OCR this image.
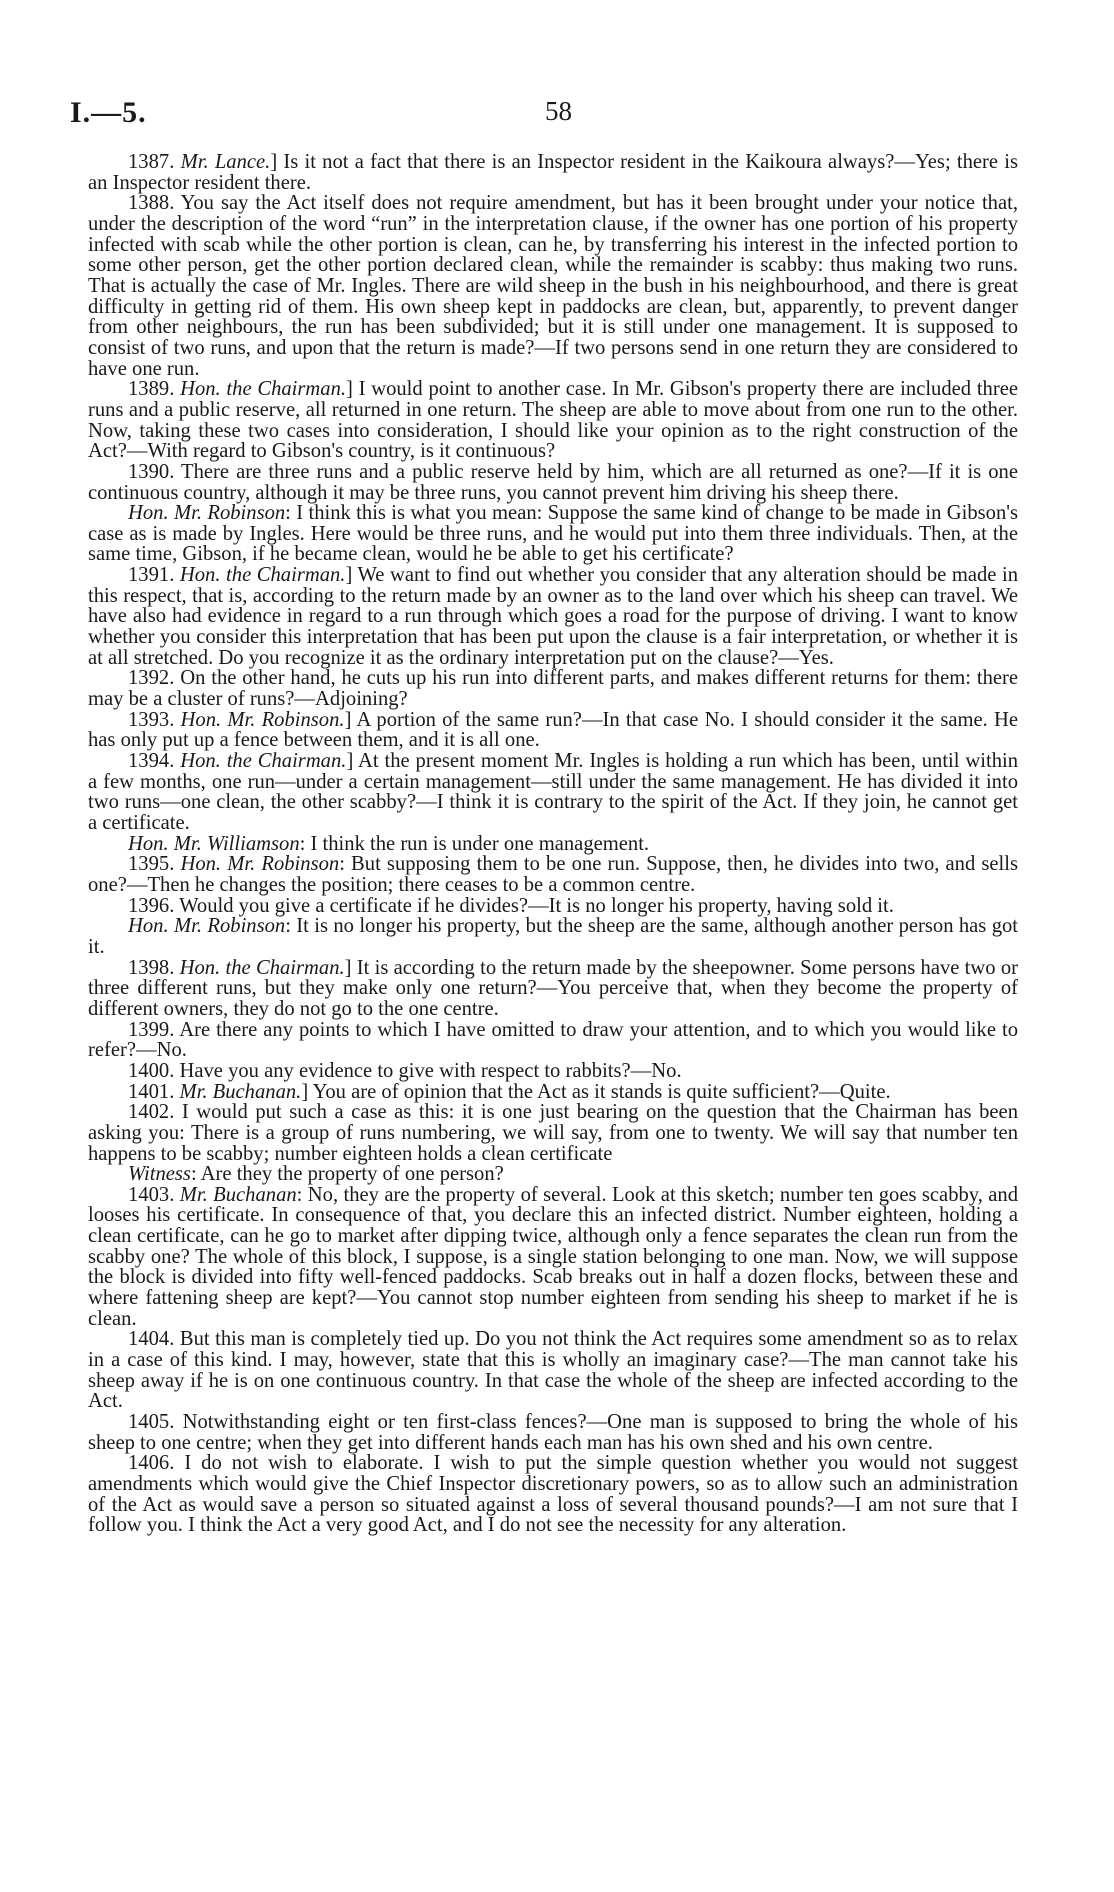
I.—5.	58

1387. Mr. Lance.] Is it not a fact that there is an Inspector resident in the Kaikoura always?—Yes; there is an Inspector resident there.

1388. You say the Act itself does not require amendment, but has it been brought under your notice that, under the description of the word “run” in the interpretation clause, if the owner has one portion of his property infected with scab while the other portion is clean, can he, by transferring his interest in the infected portion to some other person, get the other portion declared clean, while the remainder is scabby: thus making two runs. That is actually the case of Mr. Ingles. There are wild sheep in the bush in his neighbourhood, and there is great difficulty in getting rid of them. His own sheep kept in paddocks are clean, but, apparently, to prevent danger from other neighbours, the run has been subdivided; but it is still under one management. It is supposed to consist of two runs, and upon that the return is made?—If two persons send in one return they are considered to have one run.

1389. Hon. the Chairman.] I would point to another case. In Mr. Gibson's property there are included three runs and a public reserve, all returned in one return. The sheep are able to move about from one run to the other. Now, taking these two cases into consideration, I should like your opinion as to the right construction of the Act?—With regard to Gibson's country, is it continuous?

1390. There are three runs and a public reserve held by him, which are all returned as one?—If it is one continuous country, although it may be three runs, you cannot prevent him driving his sheep there.

Hon. Mr. Robinson: I think this is what you mean: Suppose the same kind of change to be made in Gibson's case as is made by Ingles. Here would be three runs, and he would put into them three individuals. Then, at the same time, Gibson, if he became clean, would he be able to get his certificate?

1391. Hon. the Chairman.] We want to find out whether you consider that any alteration should be made in this respect, that is, according to the return made by an owner as to the land over which his sheep can travel. We have also had evidence in regard to a run through which goes a road for the purpose of driving. I want to know whether you consider this interpretation that has been put upon the clause is a fair interpretation, or whether it is at all stretched. Do you recognize it as the ordinary interpretation put on the clause?—Yes.

1392. On the other hand, he cuts up his run into different parts, and makes different returns for them: there may be a cluster of runs?—Adjoining?

1393. Hon. Mr. Robinson.] A portion of the same run?—In that case No. I should consider it the same. He has only put up a fence between them, and it is all one.

1394. Hon. the Chairman.] At the present moment Mr. Ingles is holding a run which has been, until within a few months, one run—under a certain management—still under the same management. He has divided it into two runs—one clean, the other scabby?—I think it is contrary to the spirit of the Act. If they join, he cannot get a certificate.

Hon. Mr. Williamson: I think the run is under one management.

1395. Hon. Mr. Robinson: But supposing them to be one run. Suppose, then, he divides into two, and sells one?—Then he changes the position; there ceases to be a common centre.

1396. Would you give a certificate if he divides?—It is no longer his property, having sold it.

Hon. Mr. Robinson: It is no longer his property, but the sheep are the same, although another person has got it.

1398. Hon. the Chairman.] It is according to the return made by the sheepowner. Some persons have two or three different runs, but they make only one return?—You perceive that, when they become the property of different owners, they do not go to the one centre.

1399. Are there any points to which I have omitted to draw your attention, and to which you would like to refer?—No.

1400. Have you any evidence to give with respect to rabbits?—No.

1401. Mr. Buchanan.] You are of opinion that the Act as it stands is quite sufficient?—Quite.

1402. I would put such a case as this: it is one just bearing on the question that the Chairman has been asking you: There is a group of runs numbering, we will say, from one to twenty. We will say that number ten happens to be scabby; number eighteen holds a clean certificate

Witness: Are they the property of one person?

1403. Mr. Buchanan: No, they are the property of several. Look at this sketch; number ten goes scabby, and looses his certificate. In consequence of that, you declare this an infected district. Number eighteen, holding a clean certificate, can he go to market after dipping twice, although only a fence separates the clean run from the scabby one? The whole of this block, I suppose, is a single station belonging to one man. Now, we will suppose the block is divided into fifty well-fenced paddocks. Scab breaks out in half a dozen flocks, between these and where fattening sheep are kept?—You cannot stop number eighteen from sending his sheep to market if he is clean.

1404. But this man is completely tied up. Do you not think the Act requires some amendment so as to relax in a case of this kind. I may, however, state that this is wholly an imaginary case?—The man cannot take his sheep away if he is on one continuous country. In that case the whole of the sheep are infected according to the Act.

1405. Notwithstanding eight or ten first-class fences?—One man is supposed to bring the whole of his sheep to one centre; when they get into different hands each man has his own shed and his own centre.

1406. I do not wish to elaborate. I wish to put the simple question whether you would not suggest amendments which would give the Chief Inspector discretionary powers, so as to allow such an administration of the Act as would save a person so situated against a loss of several thousand pounds?—I am not sure that I follow you. I think the Act a very good Act, and I do not see the necessity for any alteration.
